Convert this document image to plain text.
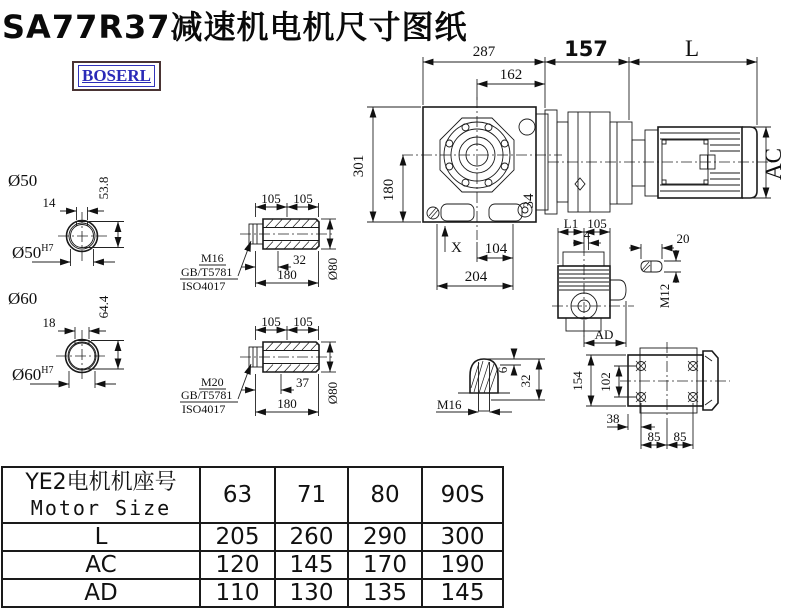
SA77R37减速机电机尺寸图纸
BOSERL
287
162
157	L
AC
301
180
X 104
204
34
Ø50
14
53.8
$Ø50^{H7}$
Ø60
18
64.4
$Ø60^{H7}$
105 105
32
180 Ø80
M16
GB/T5781
ISO4017
105 105
37
180 Ø80
M20
GB/T5781
ISO4017
L1 105
4
AD
20
M12
6
32
M16
102
154
38
85 85
YE2电机机座号
Motor Size	63	71	80	90S
L	205	260	290	300
AC	120	145	170	190
AD	110	130	135	145
